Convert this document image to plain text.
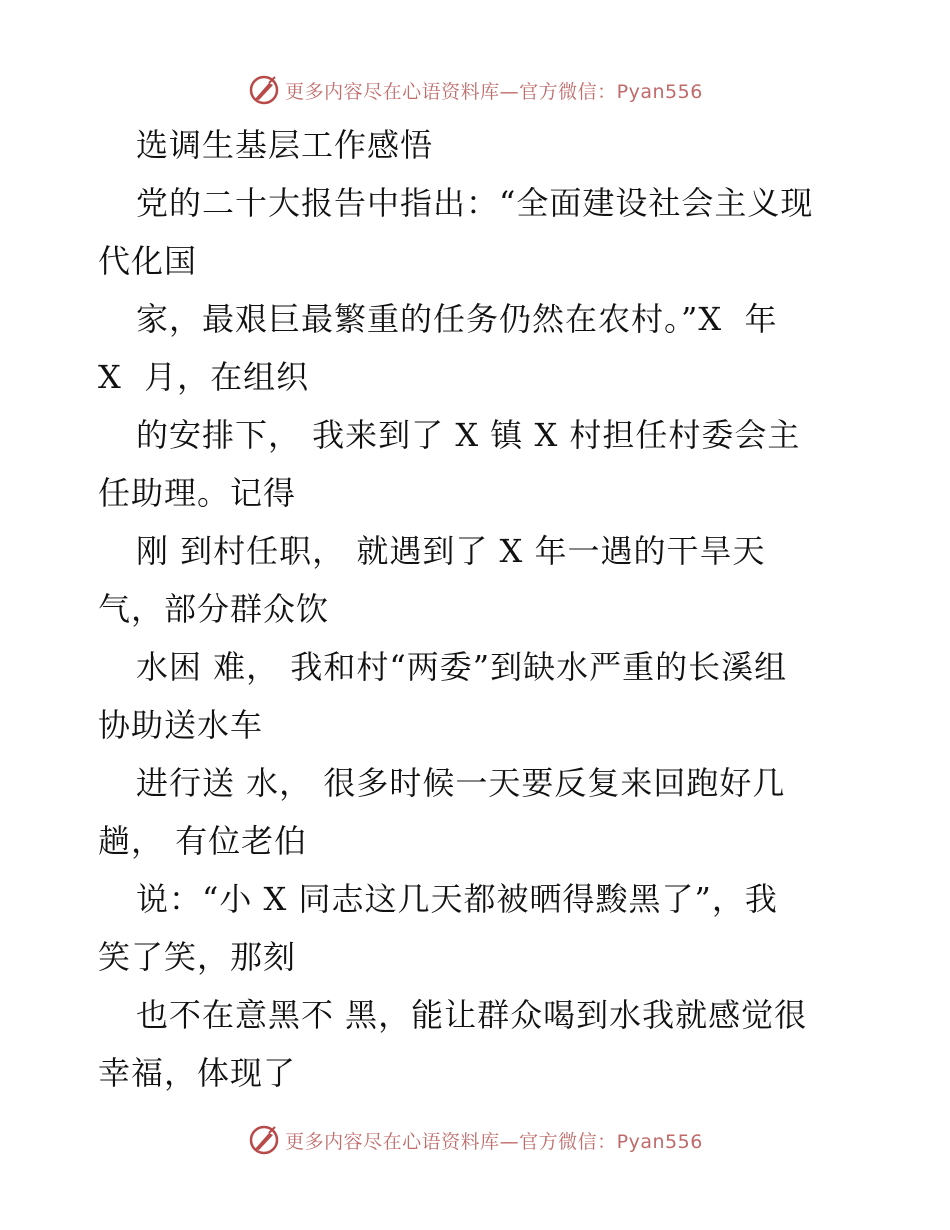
更多内容尽在心语资料库—官方微信：Pyan556
选调生基层工作感悟
党的二十大报告中指出：“全面建设社会主义现
代化国
家，最艰巨最繁重的任务仍然在农村。”X  年
X  月，在组织
的安排下， 我来到了 X 镇 X 村担任村委会主
任助理。记得
刚 到村任职， 就遇到了 X 年一遇的干旱天
气，部分群众饮
水困 难， 我和村“两委”到缺水严重的长溪组
协助送水车
进行送 水， 很多时候一天要反复来回跑好几
趟， 有位老伯
说：“小 X 同志这几天都被晒得黢黑了”，我
笑了笑，那刻
也不在意黑不 黑，能让群众喝到水我就感觉很
幸福，体现了
更多内容尽在心语资料库—官方微信：Pyan556
